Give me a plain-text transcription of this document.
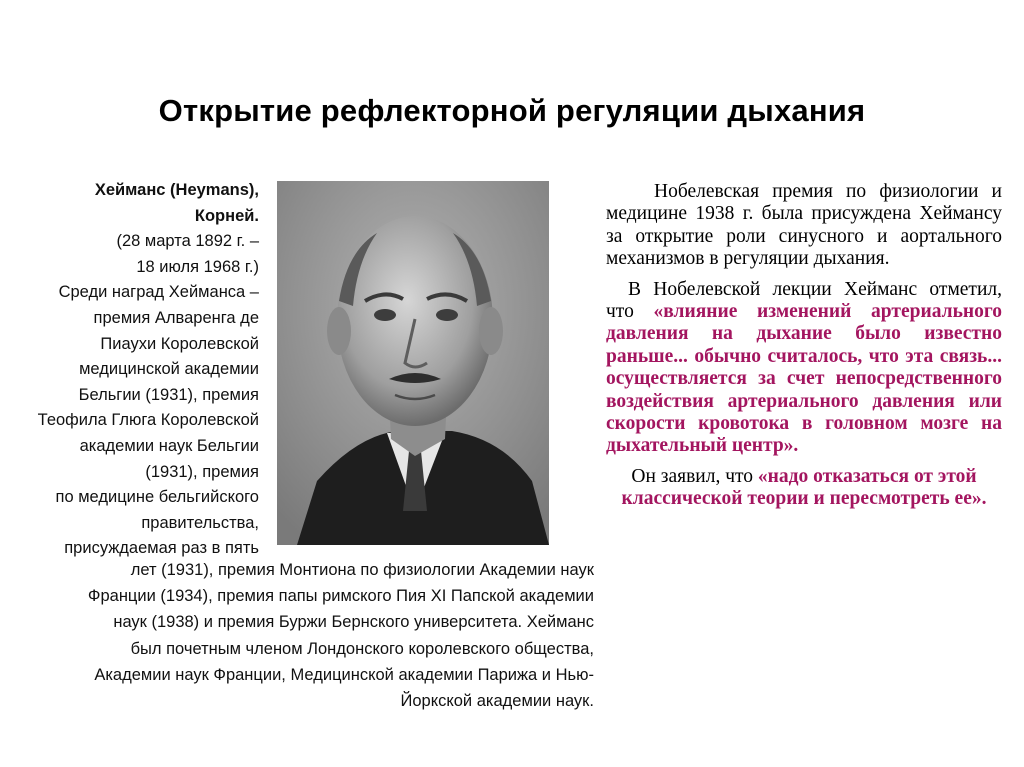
Открытие рефлекторной регуляции дыхания

Хейманс (Heymans),

Корней.

(28 марта 1892 г. –

18 июля 1968 г.)

Среди наград Хейманса –

премия Алваренга де

Пиаухи Королевской

медицинской академии

Бельгии (1931), премия

Теофила Глюга Королевской

академии наук Бельгии

(1931), премия

по медицине бельгийского

правительства,

присуждаемая раз в пять

лет (1931), премия Монтиона по физиологии Академии наук

Франции (1934), премия папы римского Пия XI Папской академии

наук (1938) и премия Буржи Бернского университета. Хейманс

был почетным членом Лондонского королевского общества,

Академии наук Франции, Медицинской академии Парижа и Нью-

Йоркской академии наук.

Нобелевская премия по физиологии и медицине 1938 г. была присуждена Хеймансу за открытие роли синусного и аортального механизмов в регуляции дыхания.

В Нобелевской лекции Хейманс отметил, что «влияние изменений артериального давления на дыхание было известно раньше... обычно считалось, что эта связь... осуществляется за счет непосредственного воздействия артериального давления или скорости кровотока в головном мозге на дыхательный центр».

Он заявил, что «надо отказаться от этой классической теории и пересмотреть ее».
